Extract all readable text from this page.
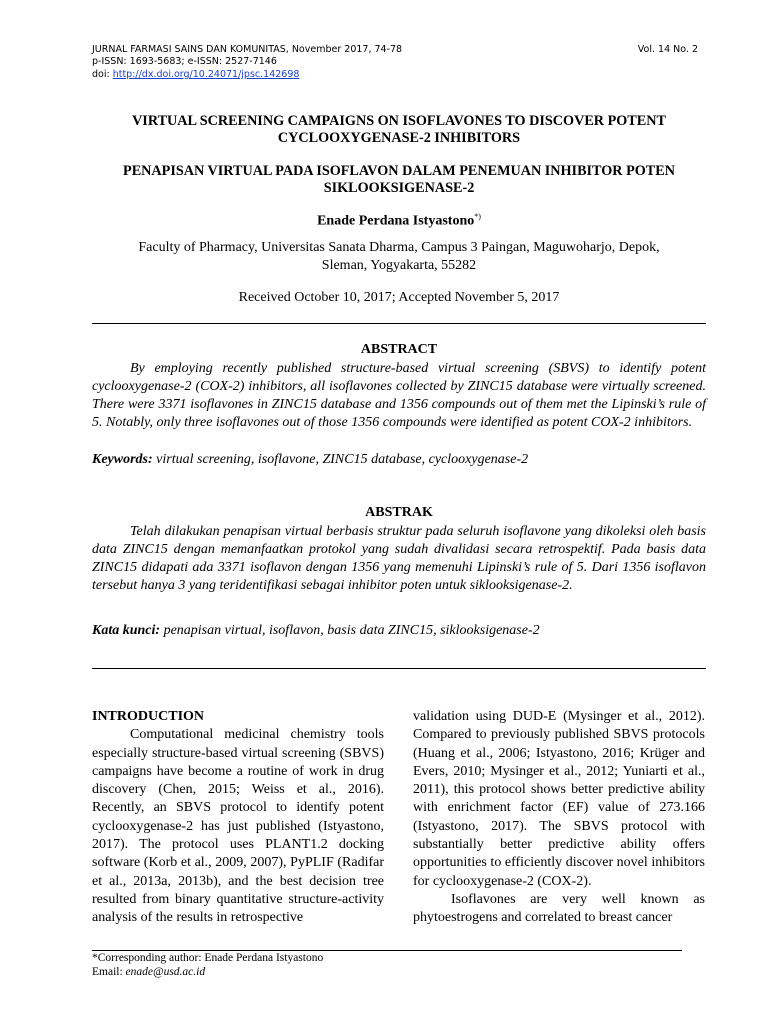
JURNAL FARMASI SAINS DAN KOMUNITAS, November 2017, 74-78	Vol. 14 No. 2
p-ISSN: 1693-5683; e-ISSN: 2527-7146
doi: http://dx.doi.org/10.24071/jpsc.142698
VIRTUAL SCREENING CAMPAIGNS ON ISOFLAVONES TO DISCOVER POTENT
CYCLOOXYGENASE-2 INHIBITORS
PENAPISAN VIRTUAL PADA ISOFLAVON DALAM PENEMUAN INHIBITOR POTEN
SIKLOOKSIGENASE-2
Enade Perdana Istyastono*)
Faculty of Pharmacy, Universitas Sanata Dharma, Campus 3 Paingan, Maguwoharjo, Depok,
Sleman, Yogyakarta, 55282
Received October 10, 2017; Accepted November 5, 2017
ABSTRACT

By employing recently published structure-based virtual screening (SBVS) to identify potent cyclooxygenase-2 (COX-2) inhibitors, all isoflavones collected by ZINC15 database were virtually screened. There were 3371 isoflavones in ZINC15 database and 1356 compounds out of them met the Lipinski’s rule of 5. Notably, only three isoflavones out of those 1356 compounds were identified as potent COX-2 inhibitors.

Keywords: virtual screening, isoflavone, ZINC15 database, cyclooxygenase-2
ABSTRAK

Telah dilakukan penapisan virtual berbasis struktur pada seluruh isoflavone yang dikoleksi oleh basis data ZINC15 dengan memanfaatkan protokol yang sudah divalidasi secara retrospektif. Pada basis data ZINC15 didapati ada 3371 isoflavon dengan 1356 yang memenuhi Lipinski’s rule of 5. Dari 1356 isoflavon tersebut hanya 3 yang teridentifikasi sebagai inhibitor poten untuk siklooksigenase-2.

Kata kunci: penapisan virtual, isoflavon, basis data ZINC15, siklooksigenase-2
INTRODUCTION

Computational medicinal chemistry tools especially structure-based virtual screening (SBVS) campaigns have become a routine of work in drug discovery (Chen, 2015; Weiss et al., 2016). Recently, an SBVS protocol to identify potent cyclooxygenase-2 has just published (Istyastono, 2017). The protocol uses PLANT1.2 docking software (Korb et al., 2009, 2007), PyPLIF (Radifar et al., 2013a, 2013b), and the best decision tree resulted from binary quantitative structure-activity analysis of the results in retrospective

validation using DUD-E (Mysinger et al., 2012). Compared to previously published SBVS protocols (Huang et al., 2006; Istyastono, 2016; Krüger and Evers, 2010; Mysinger et al., 2012; Yuniarti et al., 2011), this protocol shows better predictive ability with enrichment factor (EF) value of 273.166 (Istyastono, 2017). The SBVS protocol with substantially better predictive ability offers opportunities to efficiently discover novel inhibitors for cyclooxygenase-2 (COX-2).

Isoflavones are very well known as phytoestrogens and correlated to breast cancer

*Corresponding author: Enade Perdana Istyastono
Email: enade@usd.ac.id
